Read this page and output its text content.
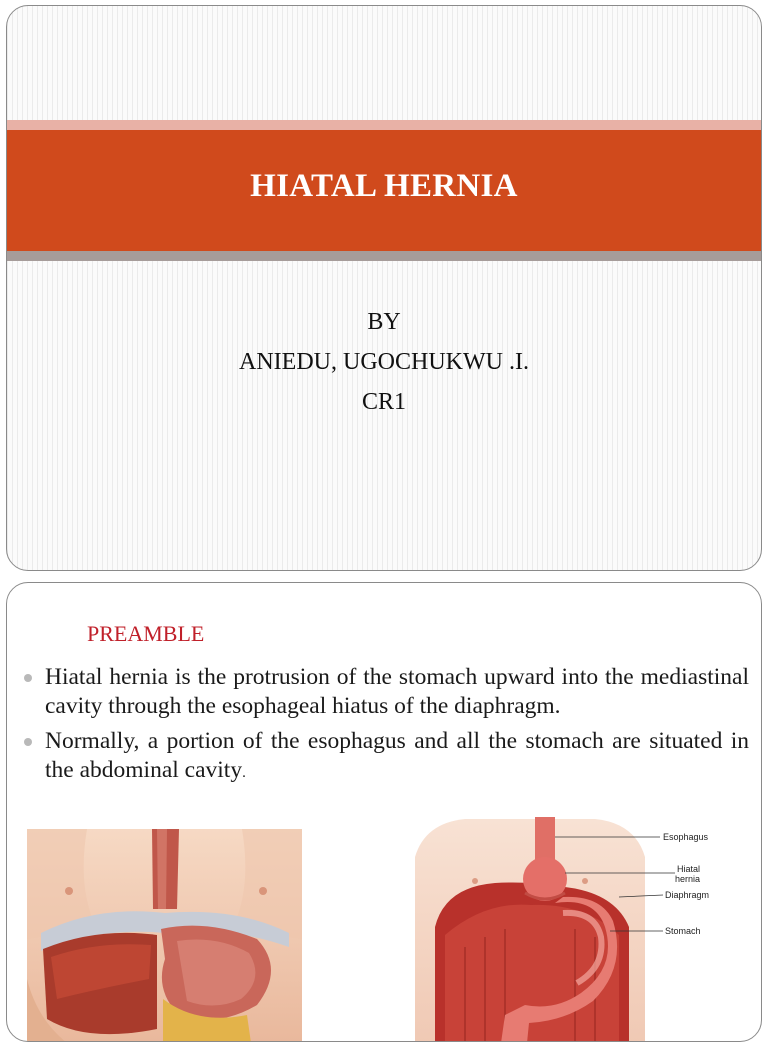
HIATAL HERNIA
BY
ANIEDU, UGOCHUKWU .I.
CR1
PREAMBLE
Hiatal hernia is the protrusion of the stomach upward into the mediastinal cavity through the esophageal hiatus of the diaphragm.
Normally, a portion of the esophagus and all the stomach are situated in the abdominal cavity.
Esophagus
Hiatal
hernia
Diaphragm
Stomach
